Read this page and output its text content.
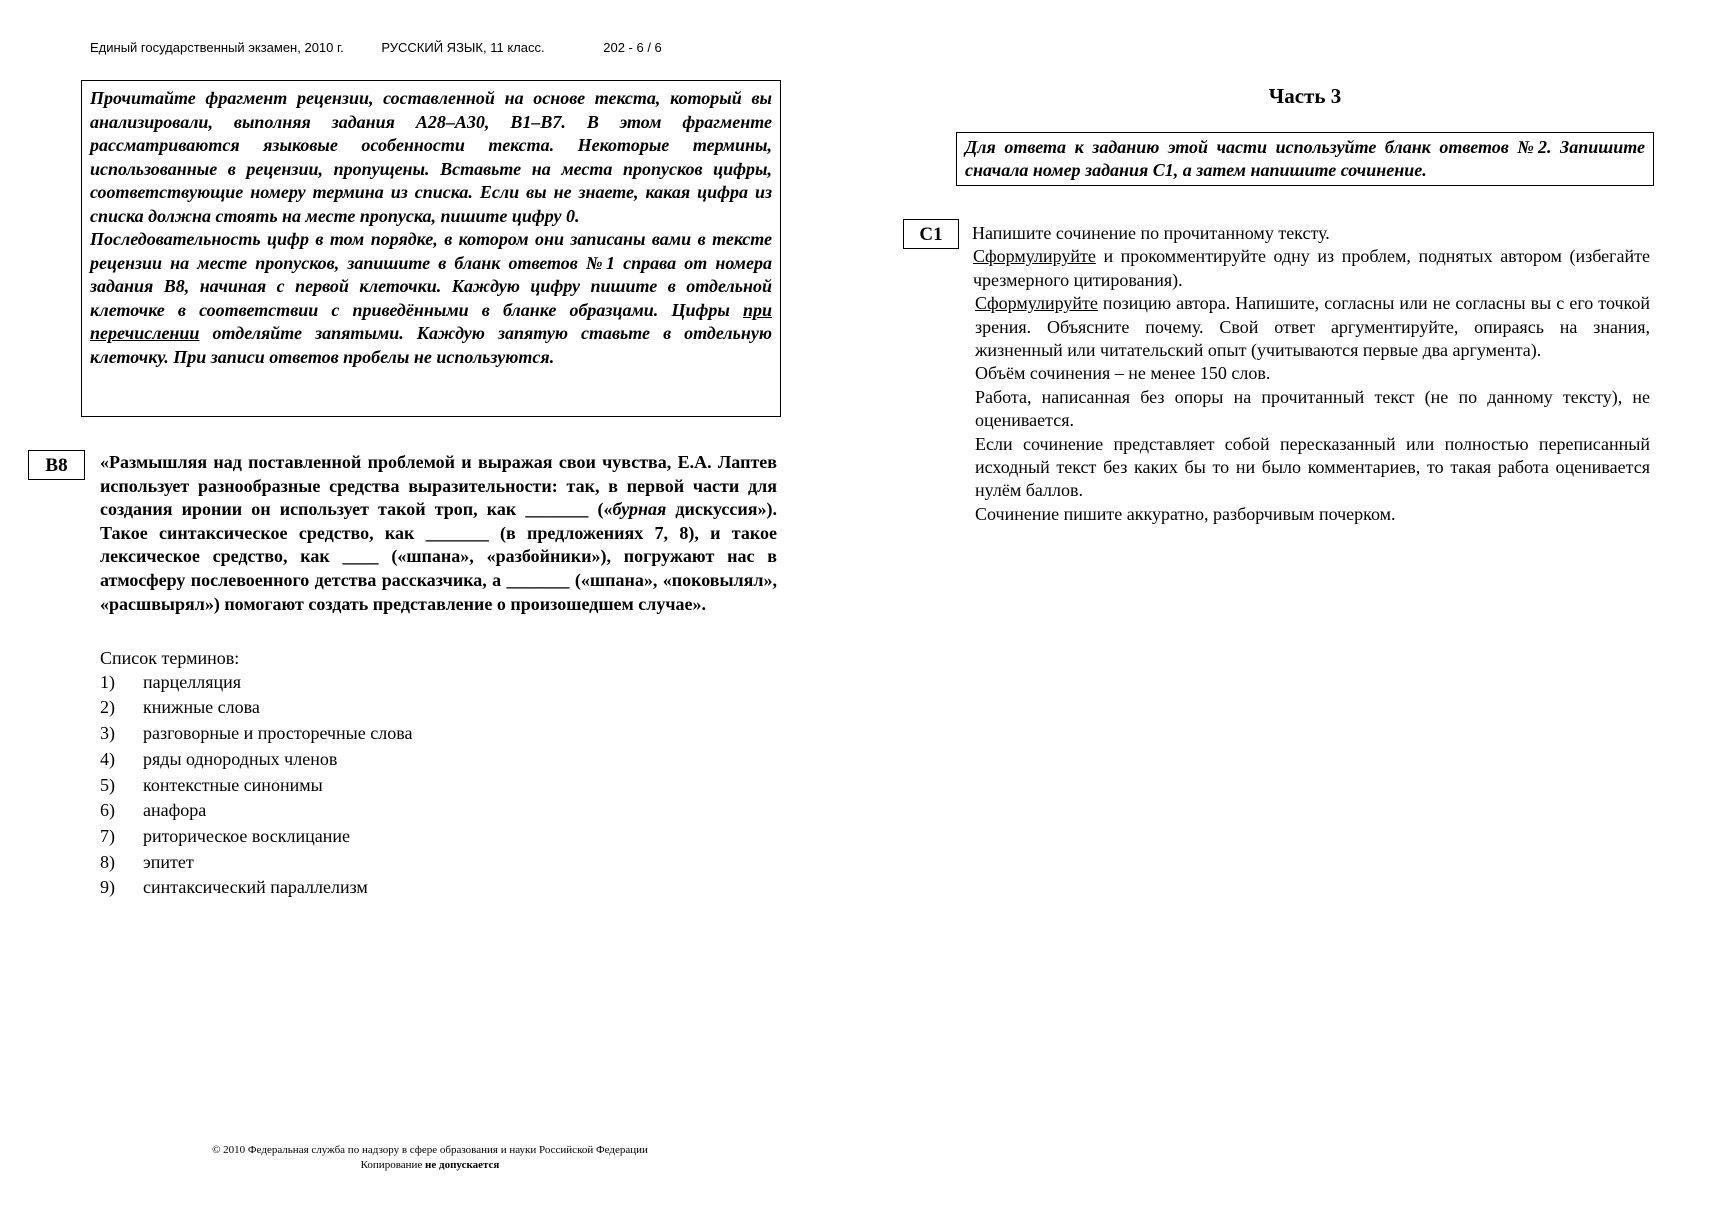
Единый государственный экзамен, 2010 г.	РУССКИЙ ЯЗЫК, 11 класс.	202 - 6 / 6

Прочитайте фрагмент рецензии, составленной на основе текста, который вы анализировали, выполняя задания А28–А30, В1–В7. В этом фрагменте рассматриваются языковые особенности текста. Некоторые термины, использованные в рецензии, пропущены. Вставьте на места пропусков цифры, соответствующие номеру термина из списка. Если вы не знаете, какая цифра из списка должна стоять на месте пропуска, пишите цифру 0.

Последовательность цифр в том порядке, в котором они записаны вами в тексте рецензии на месте пропусков, запишите в бланк ответов №1 справа от номера задания В8, начиная с первой клеточки. Каждую цифру пишите в отдельной клеточке в соответствии с приведёнными в бланке образцами. Цифры при перечислении отделяйте запятыми. Каждую запятую ставьте в отдельную клеточку. При записи ответов пробелы не используются.

В8	«Размышляя над поставленной проблемой и выражая свои чувства, Е.А. Лаптев использует разнообразные средства выразительности: так, в первой части для создания иронии он использует такой троп, как _______ («бурная дискуссия»). Такое синтаксическое средство, как _______ (в предложениях 7, 8), и такое лексическое средство, как ____ («шпана», «разбойники»), погружают нас в атмосферу послевоенного детства рассказчика, а _______ («шпана», «поковылял», «расшвырял») помогают создать представление о произошедшем случае».

Список терминов:
1) парцелляция
2) книжные слова
3) разговорные и просторечные слова
4) ряды однородных членов
5) контекстные синонимы
6) анафора
7) риторическое восклицание
8) эпитет
9) синтаксический параллелизм
Часть 3
Для ответа к заданию этой части используйте бланк ответов №2. Запишите сначала номер задания С1, а затем напишите сочинение.
С1	Напишите сочинение по прочитанному тексту.

Сформулируйте и прокомментируйте одну из проблем, поднятых автором (избегайте чрезмерного цитирования).

Сформулируйте позицию автора. Напишите, согласны или не согласны вы с его точкой зрения. Объясните почему. Свой ответ аргументируйте, опираясь на знания, жизненный или читательский опыт (учитываются первые два аргумента).

Объём сочинения – не менее 150 слов.

Работа, написанная без опоры на прочитанный текст (не по данному тексту), не оценивается.

Если сочинение представляет собой пересказанный или полностью переписанный исходный текст без каких бы то ни было комментариев, то такая работа оценивается нулём баллов.

Сочинение пишите аккуратно, разборчивым почерком.

© 2010 Федеральная служба по надзору в сфере образования и науки Российской Федерации
Копирование не допускается
